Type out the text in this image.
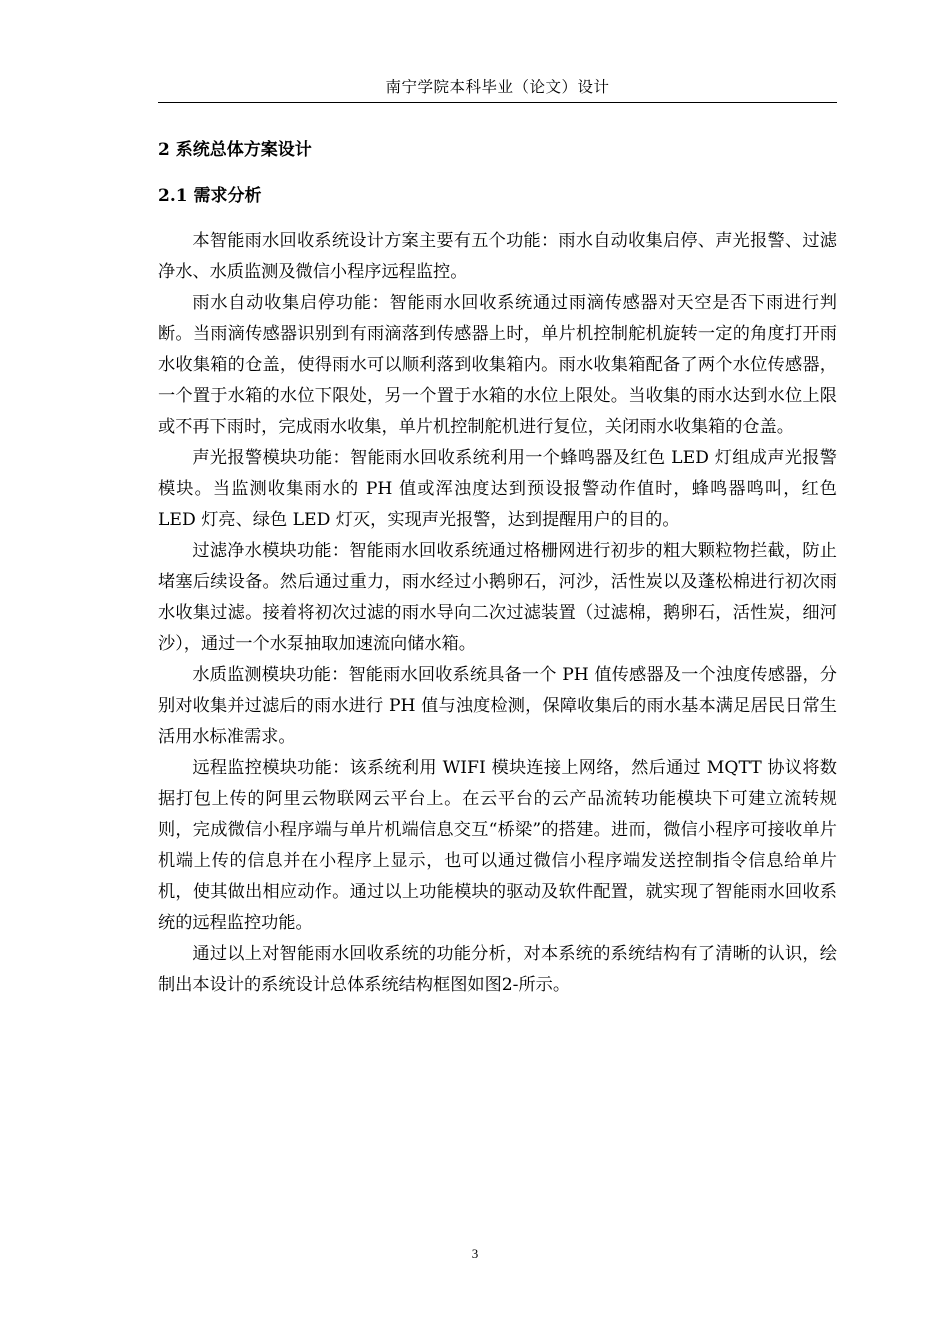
南宁学院本科毕业（论文）设计
2 系统总体方案设计
2.1 需求分析

本智能雨水回收系统设计方案主要有五个功能：雨水自动收集启停、声光报警、过滤净水、水质监测及微信小程序远程监控。

雨水自动收集启停功能：智能雨水回收系统通过雨滴传感器对天空是否下雨进行判断。当雨滴传感器识别到有雨滴落到传感器上时，单片机控制舵机旋转一定的角度打开雨水收集箱的仓盖，使得雨水可以顺利落到收集箱内。雨水收集箱配备了两个水位传感器，一个置于水箱的水位下限处，另一个置于水箱的水位上限处。当收集的雨水达到水位上限或不再下雨时，完成雨水收集，单片机控制舵机进行复位，关闭雨水收集箱的仓盖。

声光报警模块功能：智能雨水回收系统利用一个蜂鸣器及红色 LED 灯组成声光报警模块。当监测收集雨水的 PH 值或浑浊度达到预设报警动作值时，蜂鸣器鸣叫，红色 LED 灯亮、绿色 LED 灯灭，实现声光报警，达到提醒用户的目的。

过滤净水模块功能：智能雨水回收系统通过格栅网进行初步的粗大颗粒物拦截，防止堵塞后续设备。然后通过重力，雨水经过小鹅卵石，河沙，活性炭以及蓬松棉进行初次雨水收集过滤。接着将初次过滤的雨水导向二次过滤装置（过滤棉，鹅卵石，活性炭，细河沙），通过一个水泵抽取加速流向储水箱。

水质监测模块功能：智能雨水回收系统具备一个 PH 值传感器及一个浊度传感器，分别对收集并过滤后的雨水进行 PH 值与浊度检测，保障收集后的雨水基本满足居民日常生活用水标准需求。

远程监控模块功能：该系统利用 WIFI 模块连接上网络，然后通过 MQTT 协议将数据打包上传的阿里云物联网云平台上。在云平台的云产品流转功能模块下可建立流转规则，完成微信小程序端与单片机端信息交互“桥梁”的搭建。进而，微信小程序可接收单片机端上传的信息并在小程序上显示，也可以通过微信小程序端发送控制指令信息给单片机，使其做出相应动作。通过以上功能模块的驱动及软件配置，就实现了智能雨水回收系统的远程监控功能。

通过以上对智能雨水回收系统的功能分析，对本系统的系统结构有了清晰的认识，绘制出本设计的系统设计总体系统结构框图如图2-所示。

3
